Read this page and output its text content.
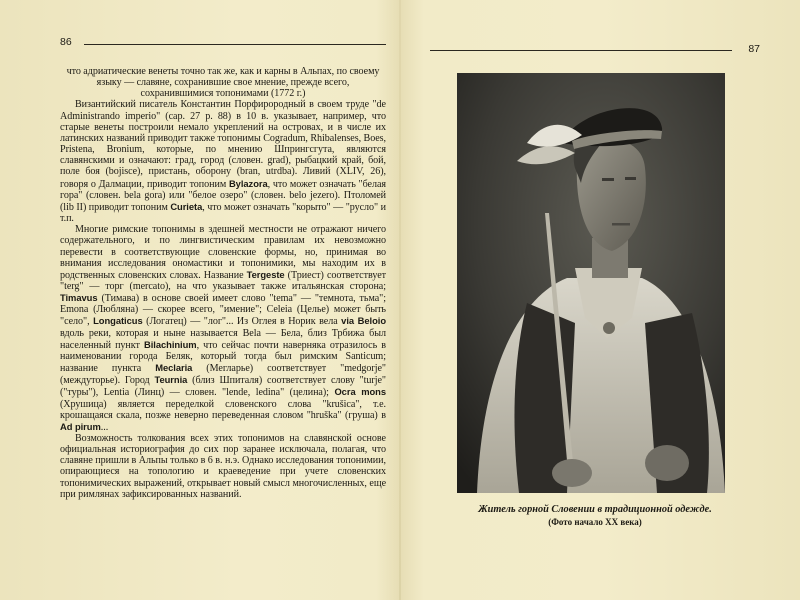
86

что адриатические венеты точно так же, как и карны в Альпах, по своему языку — славяне, сохранившие свое мнение, прежде всего, сохранившимися топонимами (1772 г.)

Византийский писатель Константин Порфирородный в своем труде "de Administrando imperio" (cap. 27 p. 88) в 10 в. указывает, например, что старые венеты построили немало укреплений на островах, и в числе их латинских названий приводит также топонимы Cogradum, Rhibalenses, Boes, Pristena, Bronium, которые, по мнению Шпрингсгута, являются славянскими и означают: град, город (словен. grad), рыбацкий край, бой, поле боя (bojisce), пристань, оборону (bran, utrdba). Ливий (XLIV, 26), говоря о Далмации, приводит топоним Bylazora, что может означать "белая гора" (словен. bela gora) или "белое озеро" (словен. belo jezero). Птоломей (lib II) приводит топоним Curieta, что может означать "корыто" — "русло" и т.п.

Многие римские топонимы в здешней местности не отражают ничего содержательного, и по лингвистическим правилам их невозможно перевести в соответствующие словенские формы, но, принимая во внимания исследования ономастики и топонимики, мы находим их в родственных словенских словах. Название Tergeste (Триест) соответствует "terg" — торг (mercato), на что указывает также итальянская сторона; Timavus (Тимава) в основе своей имеет слово "tema" — "темнота, тьма"; Emona (Любляна) — скорее всего, "имение"; Celeia (Целье) может быть "село", Longaticus (Логатец) — "лог"... Из Оглея в Норик вела via Beloio вдоль реки, которая и ныне называется Bela — Бела, близ Трбижа был населенный пункт Bilachinium, что сейчас почти наверняка отразилось в наименовании города Беляк, который тогда был римским Santicum; название пункта Meclaria (Меглаpье) соответствует "medgorje" (междуторье). Город Teurnia (близ Шпиталя) соответствует слову "turje" ("туры"), Lentia (Линц) — словен. "lende, ledina" (целина); Ocra mons (Хрушица) является переделкой словенского слова "krušica", т.е. крошащаяся скала, позже неверно переведенная словом "hruška" (груша) в Ad pirum...

Возможность толкования всех этих топонимов на славянской основе официальная историография до сих пор заранее исключала, полагая, что славяне пришли в Альпы только в 6 в. н.э. Однако исследования топонимии, опирающиеся на топологию и краеведение при учете словенских топонимических выражений, открывает новый смысл многочисленных, еще при римлянах зафиксированных названий.

87
Житель горной Словении в традиционной одежде.
(Фото начало XX века)
